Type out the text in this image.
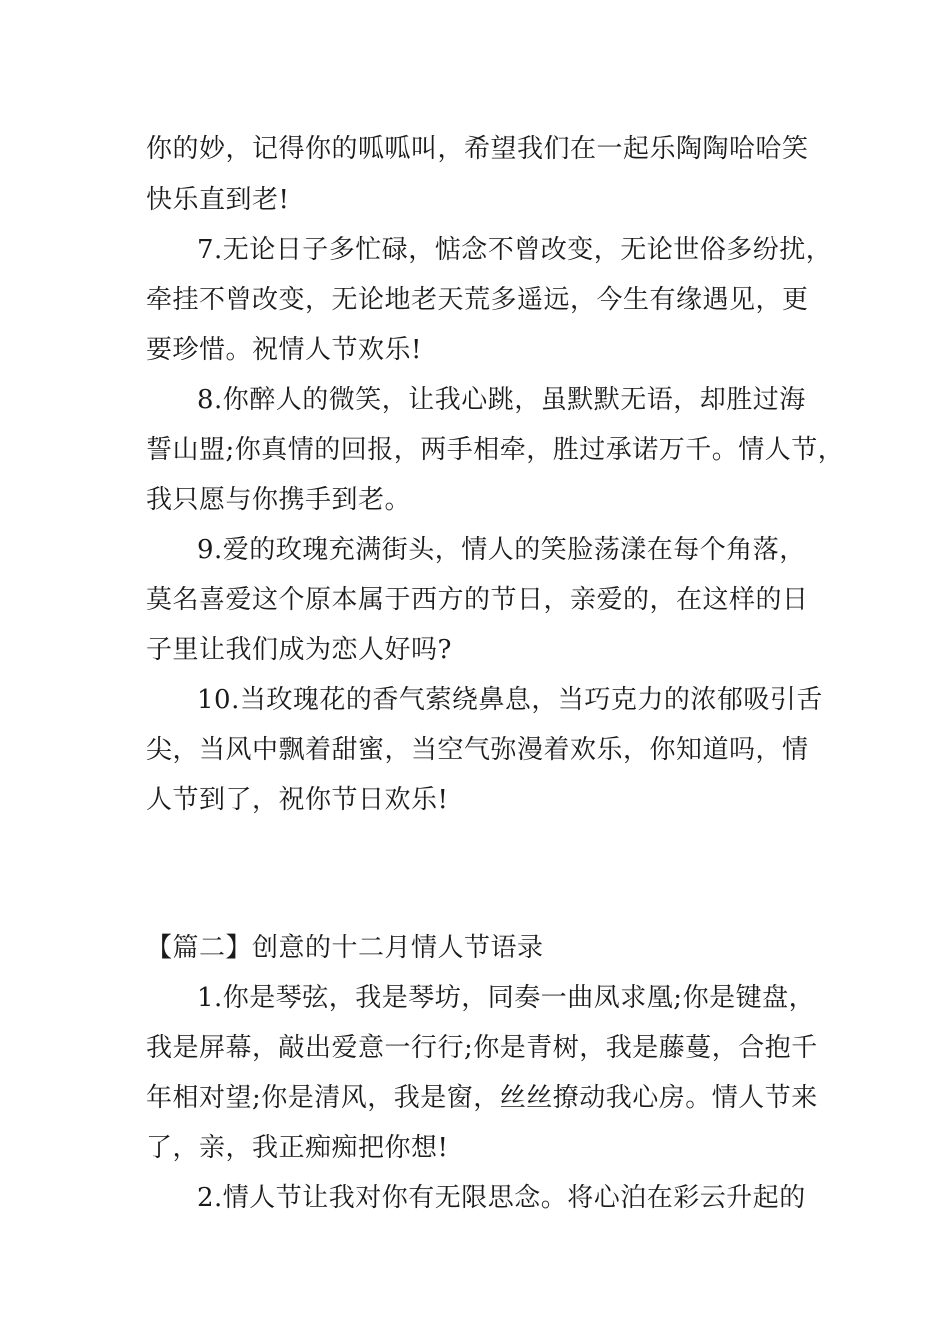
你的妙，记得你的呱呱叫，希望我们在一起乐陶陶哈哈笑
快乐直到老!
7.无论日子多忙碌，惦念不曾改变，无论世俗多纷扰，
牵挂不曾改变，无论地老天荒多遥远，今生有缘遇见，更
要珍惜。祝情人节欢乐!
8.你醉人的微笑，让我心跳，虽默默无语，却胜过海
誓山盟;你真情的回报，两手相牵，胜过承诺万千。情人节，
我只愿与你携手到老。
9.爱的玫瑰充满街头，情人的笑脸荡漾在每个角落，
莫名喜爱这个原本属于西方的节日，亲爱的，在这样的日
子里让我们成为恋人好吗?
10.当玫瑰花的香气萦绕鼻息，当巧克力的浓郁吸引舌
尖，当风中飘着甜蜜，当空气弥漫着欢乐，你知道吗，情
人节到了，祝你节日欢乐!
【篇二】创意的十二月情人节语录
1.你是琴弦，我是琴坊，同奏一曲凤求凰;你是键盘，
我是屏幕，敲出爱意一行行;你是青树，我是藤蔓，合抱千
年相对望;你是清风，我是窗，丝丝撩动我心房。情人节来
了，亲，我正痴痴把你想!
2.情人节让我对你有无限思念。将心泊在彩云升起的
